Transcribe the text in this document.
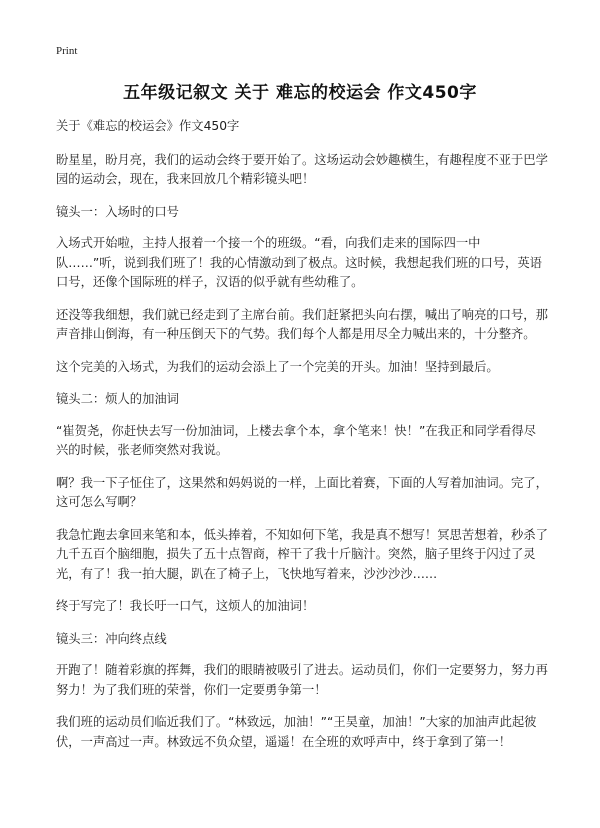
Print
五年级记叙文 关于 难忘的校运会 作文450字

关于《难忘的校运会》作文450字

盼星星，盼月亮，我们的运动会终于要开始了。这场运动会妙趣横生，有趣程度不亚于巴学园的运动会，现在，我来回放几个精彩镜头吧！

镜头一：入场时的口号

入场式开始啦，主持人报着一个接一个的班级。“看，向我们走来的国际四一中队……”听，说到我们班了！我的心情激动到了极点。这时候，我想起我们班的口号，英语口号，还像个国际班的样子，汉语的似乎就有些幼稚了。

还没等我细想，我们就已经走到了主席台前。我们赶紧把头向右摆，喊出了响亮的口号，那声音排山倒海，有一种压倒天下的气势。我们每个人都是用尽全力喊出来的，十分整齐。

这个完美的入场式，为我们的运动会添上了一个完美的开头。加油！坚持到最后。

镜头二：烦人的加油词

“崔贺尧，你赶快去写一份加油词，上楼去拿个本，拿个笔来！快！”在我正和同学看得尽兴的时候，张老师突然对我说。

啊？我一下子怔住了，这果然和妈妈说的一样，上面比着赛，下面的人写着加油词。完了，这可怎么写啊？

我急忙跑去拿回来笔和本，低头捧着，不知如何下笔，我是真不想写！冥思苦想着，秒杀了九千五百个脑细胞，损失了五十点智商，榨干了我十斤脑汁。突然，脑子里终于闪过了灵光，有了！我一拍大腿，趴在了椅子上，飞快地写着来，沙沙沙沙……

终于写完了！我长吁一口气，这烦人的加油词！

镜头三：冲向终点线

开跑了！随着彩旗的挥舞，我们的眼睛被吸引了进去。运动员们，你们一定要努力，努力再努力！为了我们班的荣誉，你们一定要勇争第一！

我们班的运动员们临近我们了。“林致远，加油！”“王昊童，加油！”大家的加油声此起彼伏，一声高过一声。林致远不负众望，遥遥！在全班的欢呼声中，终于拿到了第一！
